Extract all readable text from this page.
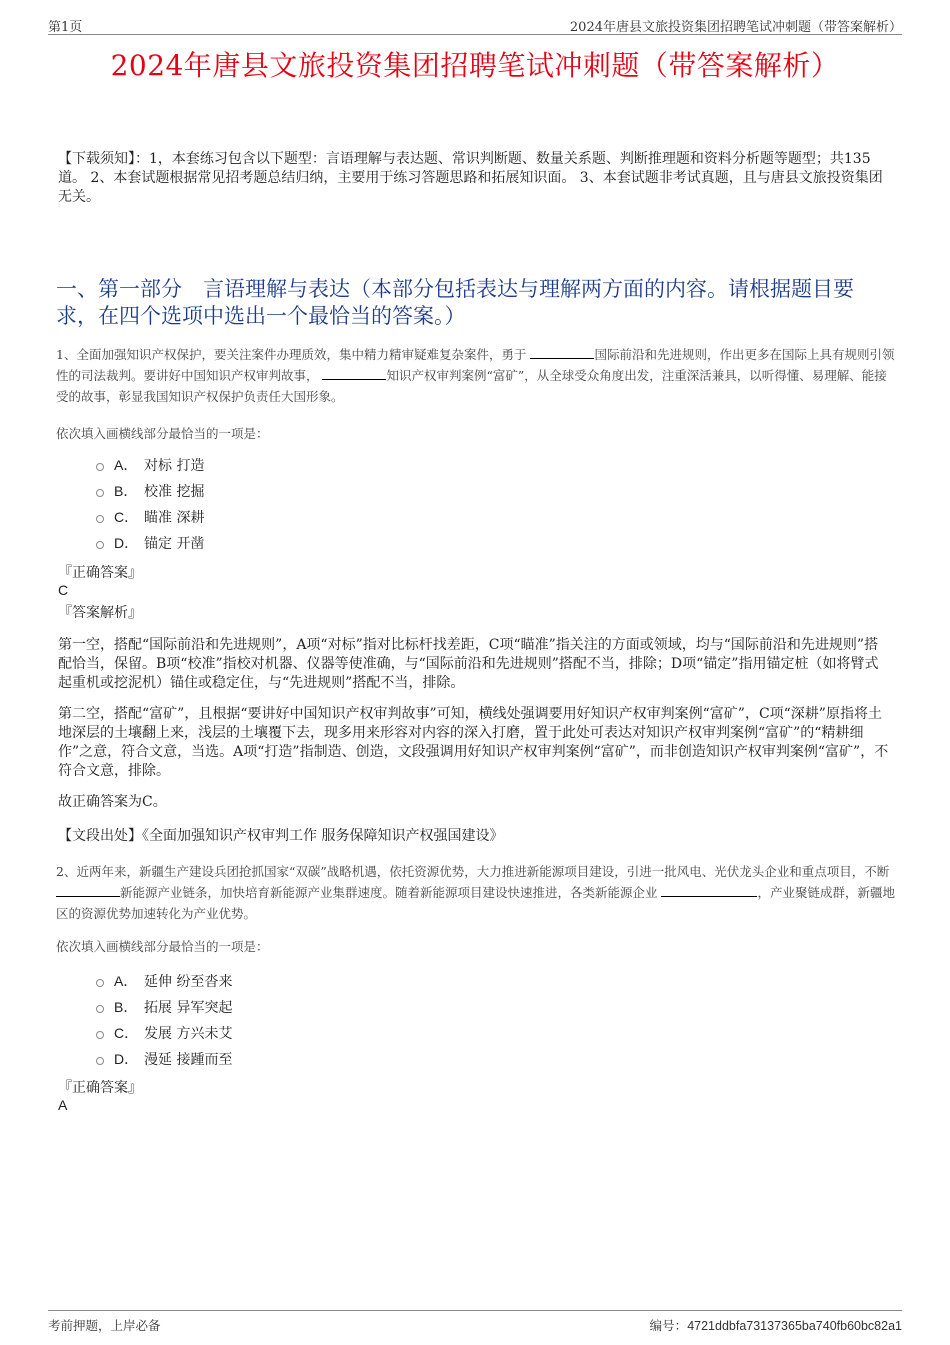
第1页	2024年唐县文旅投资集团招聘笔试冲刺题（带答案解析）
2024年唐县文旅投资集团招聘笔试冲刺题（带答案解析）
【下载须知】：1，本套练习包含以下题型：言语理解与表达题、常识判断题、数量关系题、判断推理题和资料分析题等题型；共135道。 2、本套试题根据常见招考题总结归纳，主要用于练习答题思路和拓展知识面。 3、本套试题非考试真题，且与唐县文旅投资集团无关。
一、第一部分　言语理解与表达（本部分包括表达与理解两方面的内容。请根据题目要求，在四个选项中选出一个最恰当的答案。）
1、全面加强知识产权保护，要关注案件办理质效，集中精力精审疑难复杂案件，勇于	国际前沿和先进规则，作出更多在国际上具有规则引领性的司法裁判。要讲好中国知识产权审判故事，	知识产权审判案例“富矿”，从全球受众角度出发，注重深活兼具，以听得懂、易理解、能接受的故事，彰显我国知识产权保护负责任大国形象。
依次填入画横线部分最恰当的一项是：
A． 对标 打造
B． 校准 挖掘
C． 瞄准 深耕
D． 锚定 开凿
『正确答案』
C
『答案解析』
第一空，搭配“国际前沿和先进规则”，A项“对标”指对比标杆找差距，C项“瞄准”指关注的方面或领域，均与“国际前沿和先进规则”搭配恰当，保留。B项“校准”指校对机器、仪器等使准确，与“国际前沿和先进规则”搭配不当，排除；D项“锚定”指用锚定桩（如将臂式起重机或挖泥机）锚住或稳定住，与“先进规则”搭配不当，排除。
第二空，搭配“富矿”，且根据“要讲好中国知识产权审判故事”可知，横线处强调要用好知识产权审判案例“富矿”，C项“深耕”原指将土地深层的土壤翻上来，浅层的土壤覆下去，现多用来形容对内容的深入打磨，置于此处可表达对知识产权审判案例“富矿”的“精耕细作”之意，符合文意，当选。A项“打造”指制造、创造，文段强调用好知识产权审判案例“富矿”，而非创造知识产权审判案例“富矿”，不符合文意，排除。
故正确答案为C。
【文段出处】《全面加强知识产权审判工作 服务保障知识产权强国建设》
2、近两年来，新疆生产建设兵团抢抓国家“双碳”战略机遇，依托资源优势，大力推进新能源项目建设，引进一批风电、光伏龙头企业和重点项目，不断 新能源产业链条，加快培育新能源产业集群速度。随着新能源项目建设快速推进，各类新能源企业	，产业聚链成群，新疆地区的资源优势加速转化为产业优势。
依次填入画横线部分最恰当的一项是：
A． 延伸 纷至沓来
B． 拓展 异军突起
C． 发展 方兴未艾
D． 漫延 接踵而至
『正确答案』
A
考前押题，上岸必备	编号：4721ddbfa73137365ba740fb60bc82a1
